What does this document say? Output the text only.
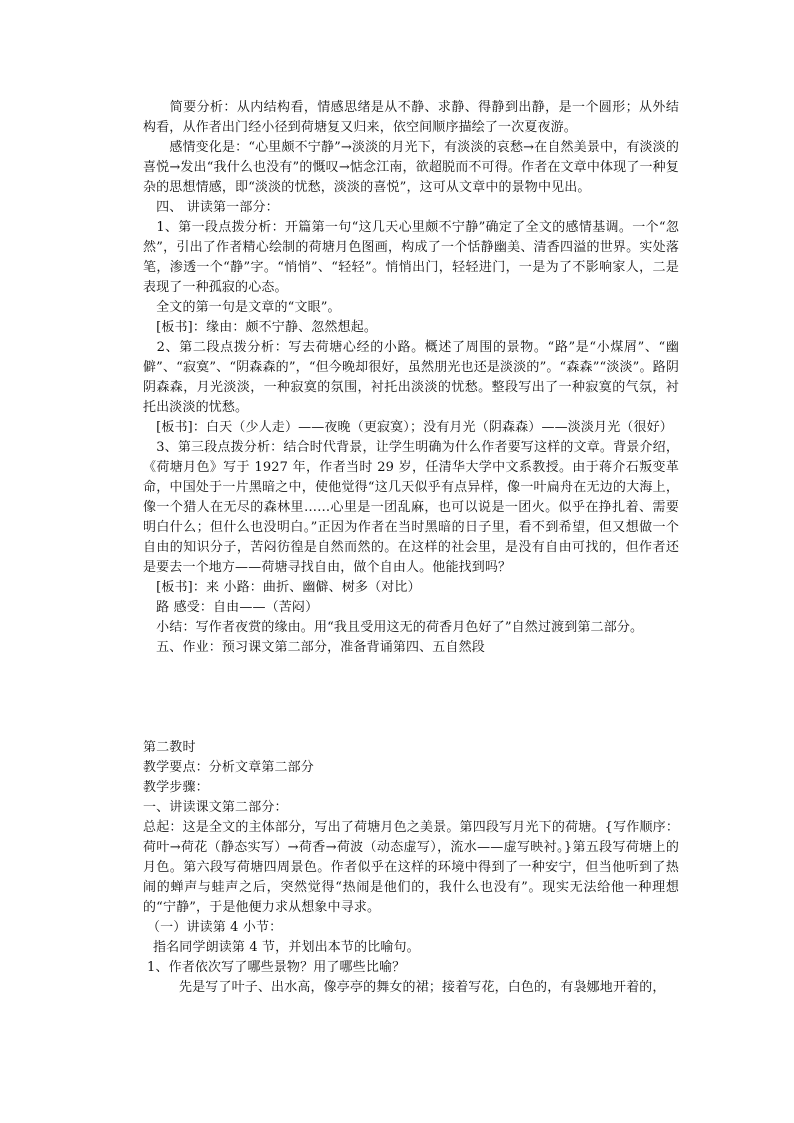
　　简要分析：从内结构看，情感思绪是从不静、求静、得静到出静，是一个圆形；从外结构看，从作者出门经小径到荷塘复又归来，依空间顺序描绘了一次夏夜游。

　　感情变化是：“心里颇不宁静”→淡淡的月光下，有淡淡的哀愁→在自然美景中，有淡淡的喜悦→发出“我什么也没有”的慨叹→惦念江南，欲超脱而不可得。作者在文章中体现了一种复杂的思想情感，即“淡淡的忧愁，淡淡的喜悦”，这可从文章中的景物中见出。

　四、 讲读第一部分：

　1、第一段点拨分析：开篇第一句“这几天心里颇不宁静”确定了全文的感情基调。一个“忽然”，引出了作者精心绘制的荷塘月色图画，构成了一个恬静幽美、清香四溢的世界。实处落笔，渗透一个“静”字。“悄悄”、“轻轻”。悄悄出门，轻轻进门，一是为了不影响家人，二是表现了一种孤寂的心态。

　全文的第一句是文章的“文眼”。

　[板书]：缘由：颇不宁静、忽然想起。

　2、第二段点拨分析：写去荷塘心经的小路。概述了周围的景物。“路”是“小煤屑”、“幽僻”、“寂寞”、“阴森森的”，“但今晚却很好，虽然朋光也还是淡淡的”。“森森”“淡淡”。路阴阴森森，月光淡淡，一种寂寞的氛围，衬托出淡淡的忧愁。整段写出了一种寂寞的气氛，衬托出淡淡的忧愁。

　[板书]：白天（少人走）——夜晚（更寂寞）；没有月光（阴森森）——淡淡月光（很好）

　3、第三段点拨分析：结合时代背景，让学生明确为什么作者要写这样的文章。背景介绍，《荷塘月色》写于 1927 年，作者当时 29 岁，任清华大学中文系教授。由于蒋介石叛变革命，中国处于一片黑暗之中，使他觉得“这几天似乎有点异样，像一叶扁舟在无边的大海上，像一个猎人在无尽的森林里……心里是一团乱麻，也可以说是一团火。似乎在挣扎着、需要明白什么；但什么也没明白。”正因为作者在当时黑暗的日子里，看不到希望，但又想做一个自由的知识分子，苦闷彷徨是自然而然的。在这样的社会里，是没有自由可找的，但作者还是要去一个地方——荷塘寻找自由，做个自由人。他能找到吗？

　[板书]：来 小路：曲折、幽僻、树多（对比）

　路 感受：自由——（苦闷）

　小结：写作者夜赏的缘由。用“我且受用这无的荷香月色好了”自然过渡到第二部分。

　五、作业：预习课文第二部分，准备背诵第四、五自然段

第二教时

教学要点：分析文章第二部分

教学步骤：

一、讲读课文第二部分：

总起：这是全文的主体部分，写出了荷塘月色之美景。第四段写月光下的荷塘。{写作顺序：荷叶→荷花（静态实写）→荷香→荷波（动态虚写），流水——虚写映衬。}第五段写荷塘上的月色。第六段写荷塘四周景色。作者似乎在这样的环境中得到了一种安宁，但当他听到了热闹的蝉声与蛙声之后，突然觉得“热闹是他们的，我什么也没有”。现实无法给他一种理想的“宁静”，于是他便力求从想象中寻求。

（一）讲读第 4 小节：

指名同学朗读第 4 节，并划出本节的比喻句。

1、作者依次写了哪些景物？用了哪些比喻？

先是写了叶子、出水高，像亭亭的舞女的裙；接着写花，白色的，有袅娜地开着的，
